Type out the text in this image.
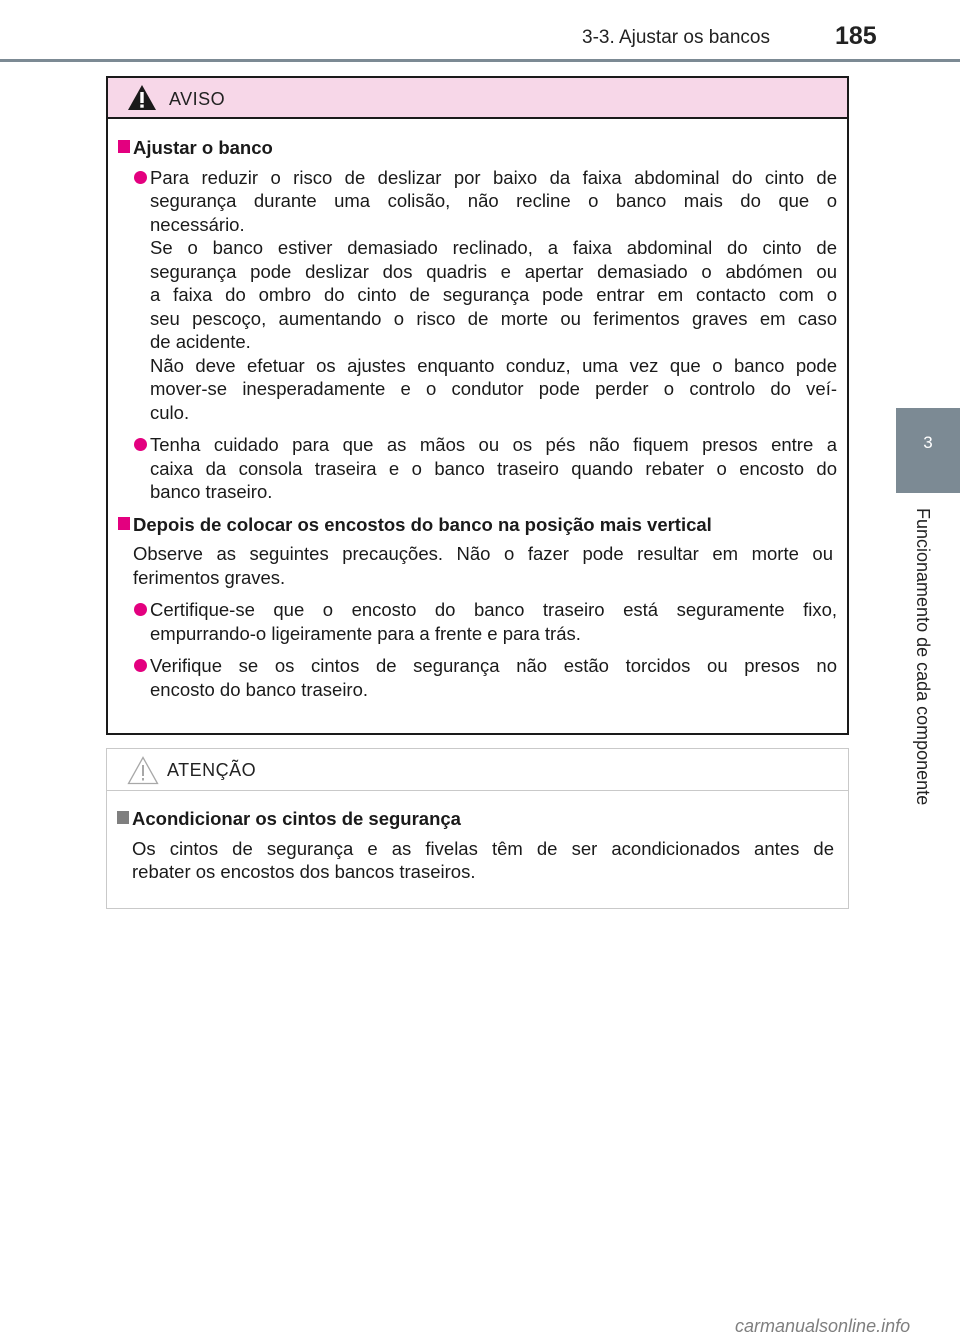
3-3. Ajustar os bancos	185
3
Funcionamento de cada componente
AVISO
Ajustar o banco
Para reduzir o risco de deslizar por baixo da faixa abdominal do cinto de
segurança durante uma colisão, não recline o banco mais do que o
necessário.
Se o banco estiver demasiado reclinado, a faixa abdominal do cinto de
segurança pode deslizar dos quadris e apertar demasiado o abdómen ou
a faixa do ombro do cinto de segurança pode entrar em contacto com o
seu pescoço, aumentando o risco de morte ou ferimentos graves em caso
de acidente.
Não deve efetuar os ajustes enquanto conduz, uma vez que o banco pode
mover-se inesperadamente e o condutor pode perder o controlo do veí-
culo.
Tenha cuidado para que as mãos ou os pés não fiquem presos entre a
caixa da consola traseira e o banco traseiro quando rebater o encosto do
banco traseiro.
Depois de colocar os encostos do banco na posição mais vertical
Observe as seguintes precauções. Não o fazer pode resultar em morte ou
ferimentos graves.
Certifique-se que o encosto do banco traseiro está seguramente fixo,
empurrando-o ligeiramente para a frente e para trás.
Verifique se os cintos de segurança não estão torcidos ou presos no
encosto do banco traseiro.
ATENÇÃO
Acondicionar os cintos de segurança
Os cintos de segurança e as fivelas têm de ser acondicionados antes de
rebater os encostos dos bancos traseiros.
carmanualsonline.info
